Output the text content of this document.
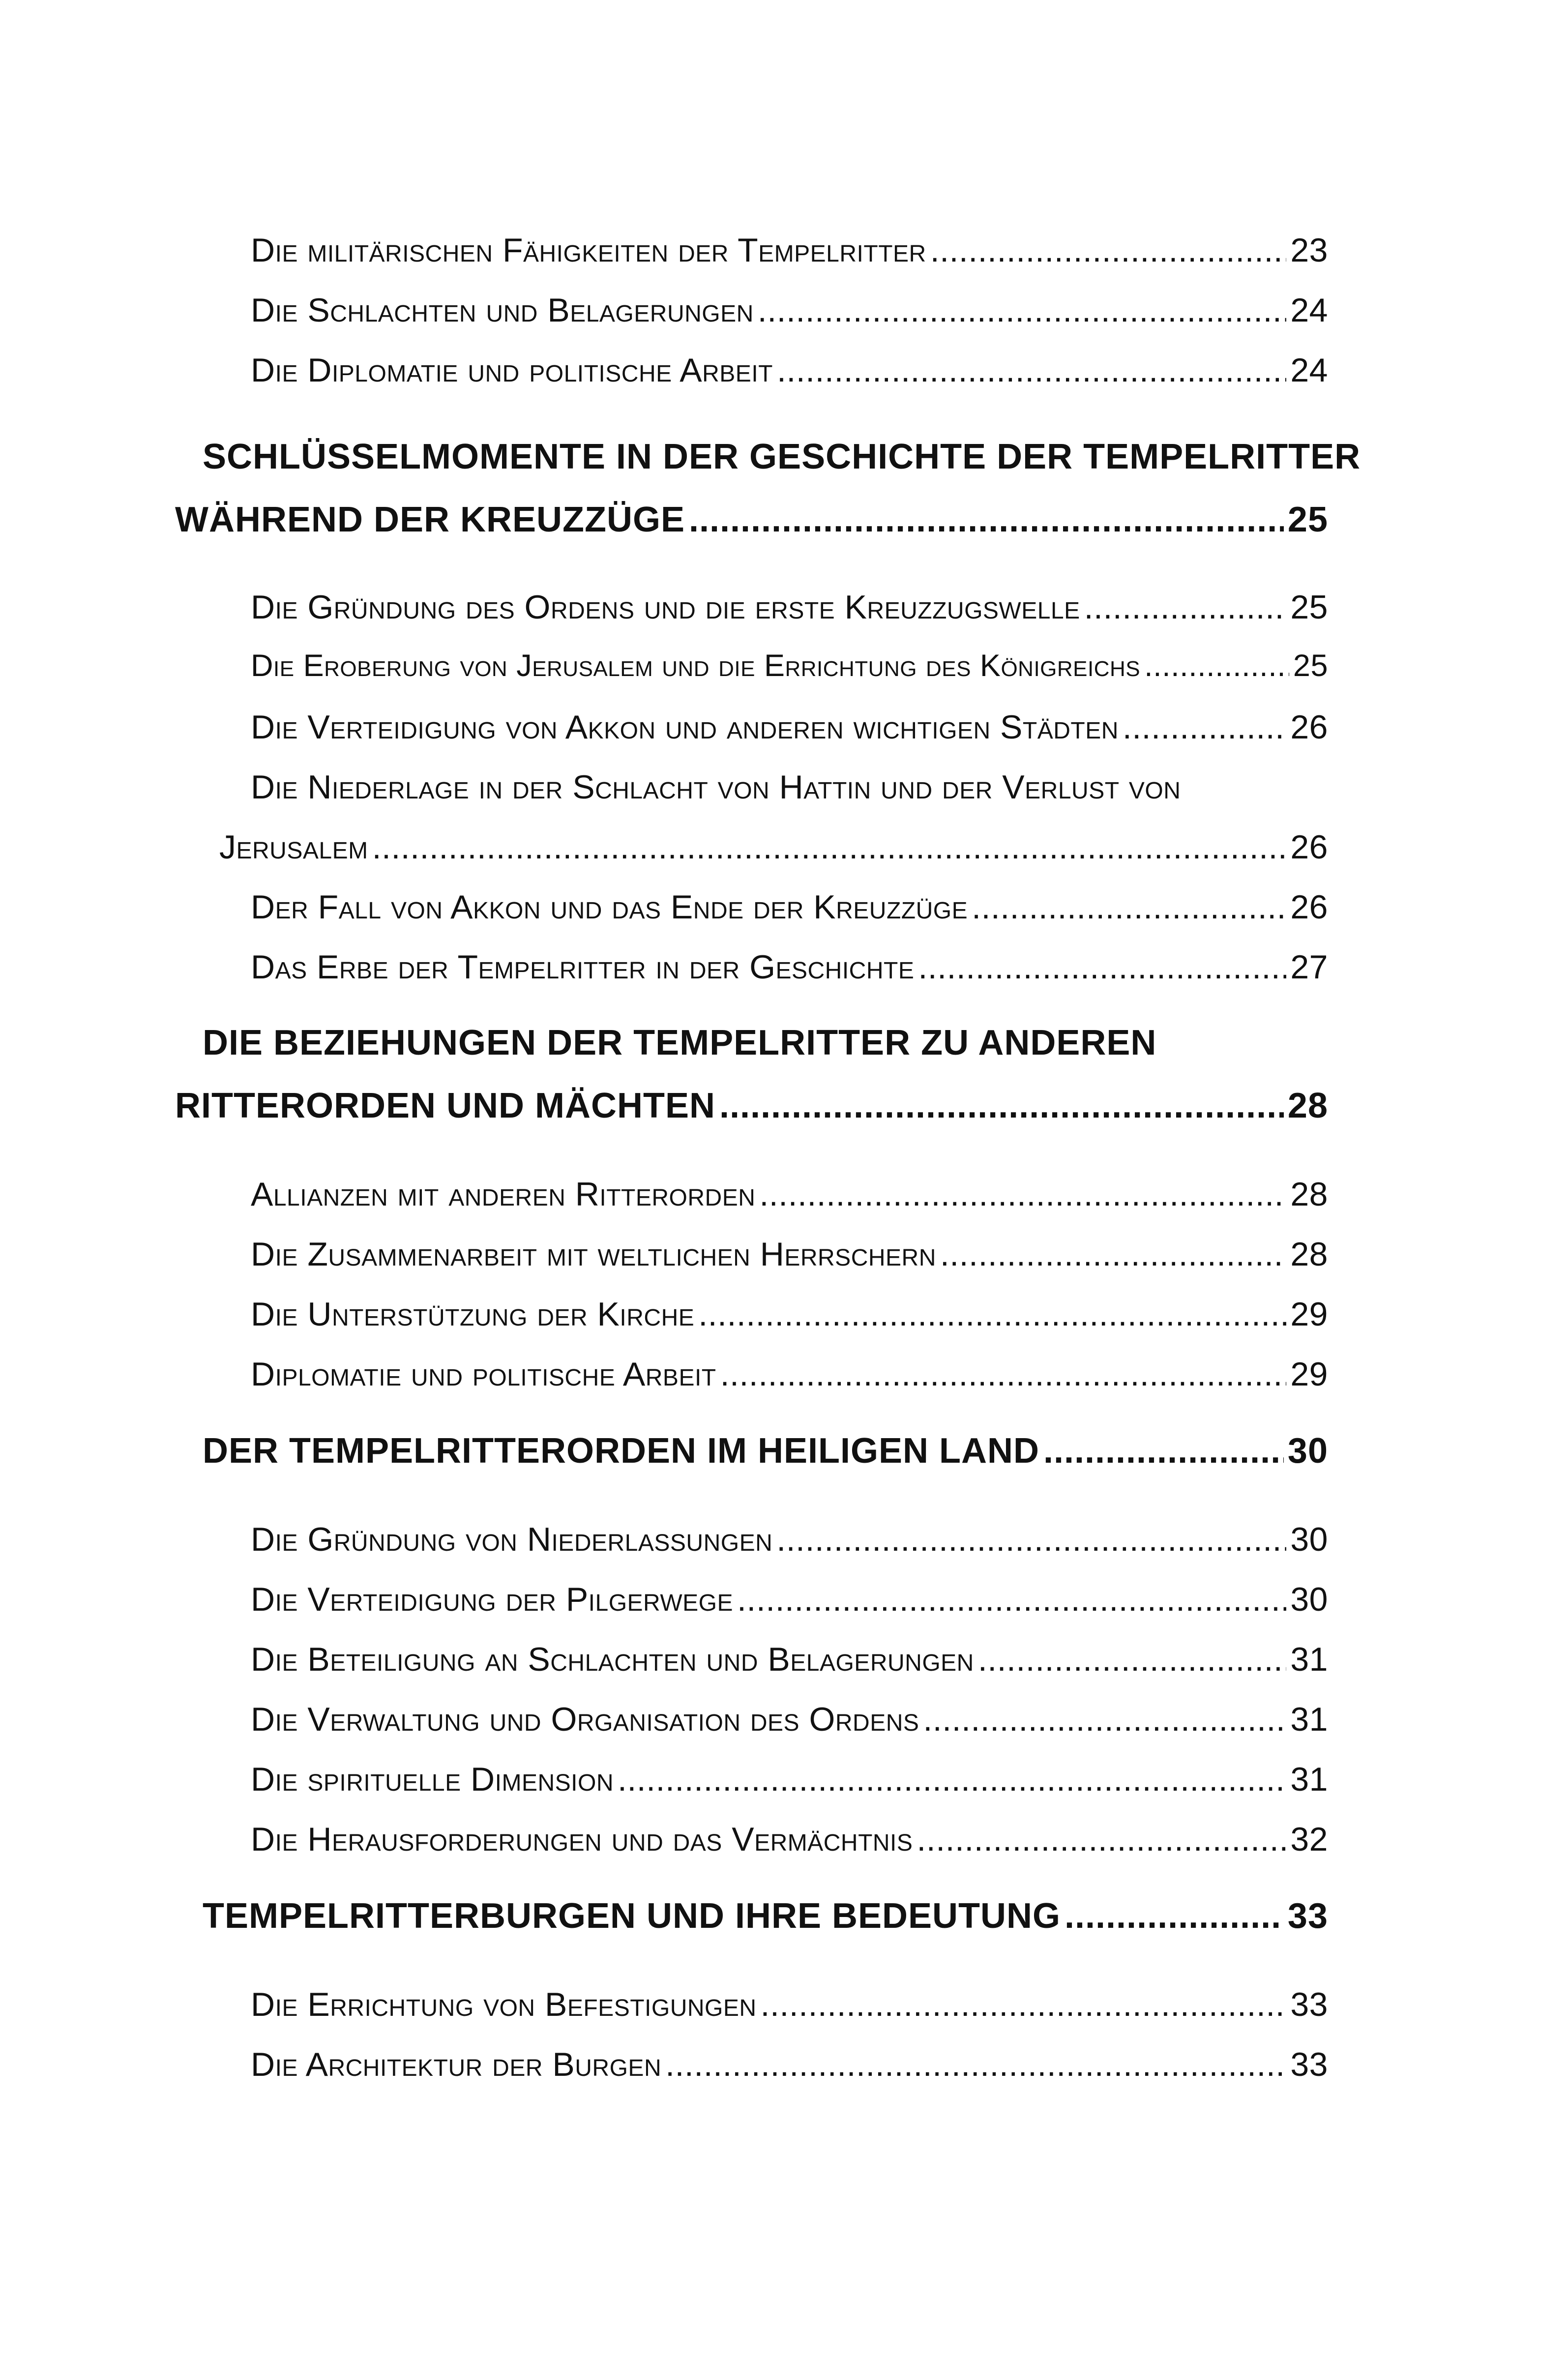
Die militärischen Fähigkeiten der Tempelritter .....	23
Die Schlachten und Belagerungen .....	24
Die Diplomatie und politische Arbeit .....	24
SCHLÜSSELMOMENTE IN DER GESCHICHTE DER TEMPELRITTER
WÄHREND DER KREUZZÜGE .....	25
Die Gründung des Ordens und die erste Kreuzzugswelle .....	25
Die Eroberung von Jerusalem und die Errichtung des Königreichs .....	25
Die Verteidigung von Akkon und anderen wichtigen Städten .....	26
Die Niederlage in der Schlacht von Hattin und der Verlust von
Jerusalem .....	26
Der Fall von Akkon und das Ende der Kreuzzüge .....	26
Das Erbe der Tempelritter in der Geschichte .....	27
DIE BEZIEHUNGEN DER TEMPELRITTER ZU ANDEREN
RITTERORDEN UND MÄCHTEN .....	28
Allianzen mit anderen Ritterorden .....	28
Die Zusammenarbeit mit weltlichen Herrschern .....	28
Die Unterstützung der Kirche .....	29
Diplomatie und politische Arbeit .....	29
DER TEMPELRITTERORDEN IM HEILIGEN LAND .....	30
Die Gründung von Niederlassungen .....	30
Die Verteidigung der Pilgerwege .....	30
Die Beteiligung an Schlachten und Belagerungen .....	31
Die Verwaltung und Organisation des Ordens .....	31
Die spirituelle Dimension .....	31
Die Herausforderungen und das Vermächtnis .....	32
TEMPELRITTERBURGEN UND IHRE BEDEUTUNG .....	33
Die Errichtung von Befestigungen .....	33
Die Architektur der Burgen .....	33
